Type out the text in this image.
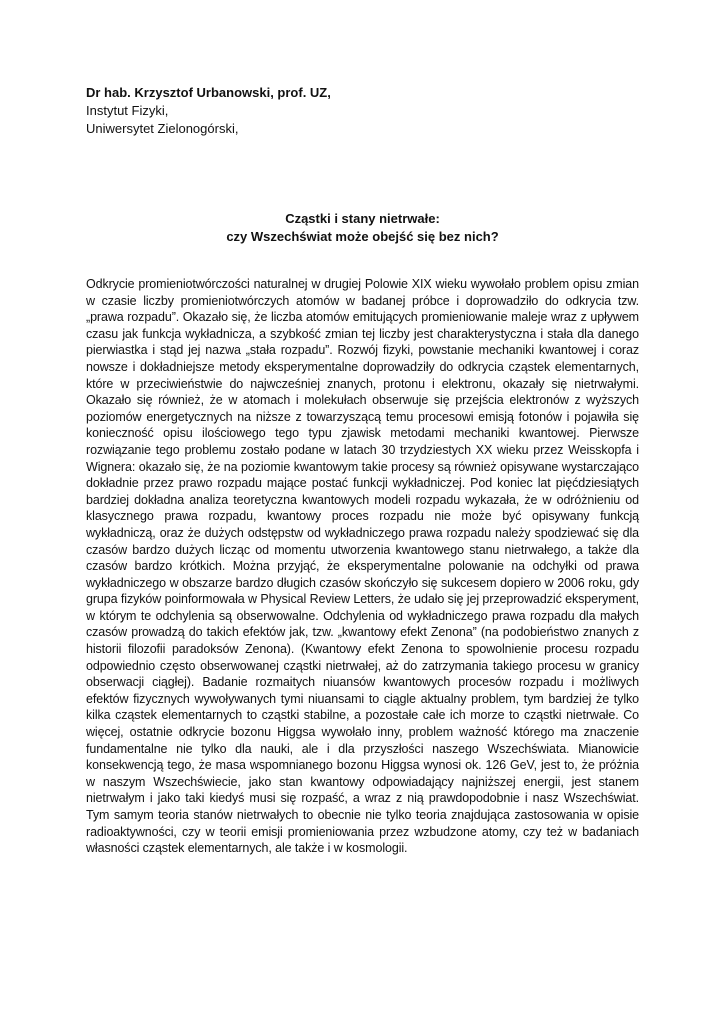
Dr hab. Krzysztof Urbanowski, prof. UZ,
Instytut Fizyki,
Uniwersytet Zielonogórski,
Cząstki i stany nietrwałe:
czy Wszechświat może obejść się bez nich?

Odkrycie promieniotwórczości naturalnej w drugiej Polowie XIX wieku wywołało problem opisu zmian w czasie liczby promieniotwórczych atomów w badanej próbce i doprowadziło do odkrycia tzw. „prawa rozpadu”. Okazało się, że liczba atomów emitujących promieniowanie maleje wraz z upływem czasu jak funkcja wykładnicza, a szybkość zmian tej liczby jest charakterystyczna i stała dla danego pierwiastka i stąd jej nazwa „stała rozpadu”. Rozwój fizyki, powstanie mechaniki kwantowej i coraz nowsze i dokładniejsze metody eksperymentalne doprowadziły do odkrycia cząstek elementarnych, które w przeciwieństwie do najwcześniej znanych, protonu i elektronu, okazały się nietrwałymi. Okazało się również, że w atomach i molekułach obserwuje się przejścia elektronów z wyższych poziomów energetycznych na niższe z towarzyszącą temu procesowi emisją fotonów i pojawiła się konieczność opisu ilościowego tego typu zjawisk metodami mechaniki kwantowej. Pierwsze rozwiązanie tego problemu zostało podane w latach 30 trzydziestych XX wieku przez Weisskopfa i Wignera: okazało się, że na poziomie kwantowym takie procesy są również opisywane wystarczająco dokładnie przez prawo rozpadu mające postać funkcji wykładniczej. Pod koniec lat pięćdziesiątych bardziej dokładna analiza teoretyczna kwantowych modeli rozpadu wykazała, że w odróżnieniu od klasycznego prawa rozpadu, kwantowy proces rozpadu nie może być opisywany funkcją wykładniczą, oraz że dużych odstępstw od wykładniczego prawa rozpadu należy spodziewać się dla czasów bardzo dużych licząc od momentu utworzenia kwantowego stanu nietrwałego, a także dla czasów bardzo krótkich. Można przyjąć, że eksperymentalne polowanie na odchyłki od prawa wykładniczego w obszarze bardzo długich czasów skończyło się sukcesem dopiero w 2006 roku, gdy grupa fizyków poinformowała w Physical Review Letters, że udało się jej przeprowadzić eksperyment, w którym te odchylenia są obserwowalne. Odchylenia od wykładniczego prawa rozpadu dla małych czasów prowadzą do takich efektów jak, tzw. „kwantowy efekt Zenona” (na podobieństwo znanych z historii filozofii paradoksów Zenona). (Kwantowy efekt Zenona to spowolnienie procesu rozpadu odpowiednio często obserwowanej cząstki nietrwałej, aż do zatrzymania takiego procesu w granicy obserwacji ciągłej). Badanie rozmaitych niuansów kwantowych procesów rozpadu i możliwych efektów fizycznych wywoływanych tymi niuansami to ciągle aktualny problem, tym bardziej że tylko kilka cząstek elementarnych to cząstki stabilne, a pozostałe całe ich morze to cząstki nietrwałe. Co więcej, ostatnie odkrycie bozonu Higgsa wywołało inny, problem ważność którego ma znaczenie fundamentalne nie tylko dla nauki, ale i dla przyszłości naszego Wszechświata. Mianowicie konsekwencją tego, że masa wspomnianego bozonu Higgsa wynosi ok. 126 GeV, jest to, że próżnia w naszym Wszechświecie, jako stan kwantowy odpowiadający najniższej energii, jest stanem nietrwałym i jako taki kiedyś musi się rozpaść, a wraz z nią prawdopodobnie i nasz Wszechświat. Tym samym teoria stanów nietrwałych to obecnie nie tylko teoria znajdująca zastosowania w opisie radioaktywności, czy w teorii emisji promieniowania przez wzbudzone atomy, czy też w badaniach własności cząstek elementarnych, ale także i w kosmologii.
